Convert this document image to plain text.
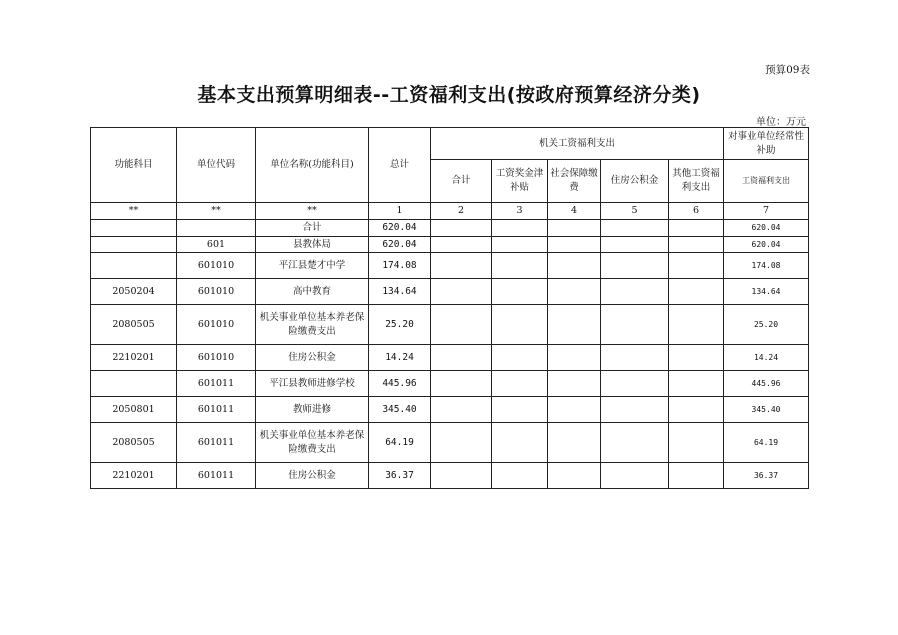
预算09表
基本支出预算明细表--工资福利支出(按政府预算经济分类)
单位：万元
功能科目	单位代码	单位名称(功能科目)	总计	机关工资福利支出					对事业单位经常性补助
				合计	工资奖金津补贴	社会保障缴费	住房公积金	其他工资福利支出	工资福利支出
**	**	**	1	2	3	4	5	6	7
		合计	620.04						620.04
	601	县教体局	620.04						620.04
	601010	平江县楚才中学	174.08						174.08
2050204	601010	高中教育	134.64						134.64
2080505	601010	机关事业单位基本养老保险缴费支出	25.20						25.20
2210201	601010	住房公积金	14.24						14.24
	601011	平江县教师进修学校	445.96						445.96
2050801	601011	教师进修	345.40						345.40
2080505	601011	机关事业单位基本养老保险缴费支出	64.19						64.19
2210201	601011	住房公积金	36.37						36.37
